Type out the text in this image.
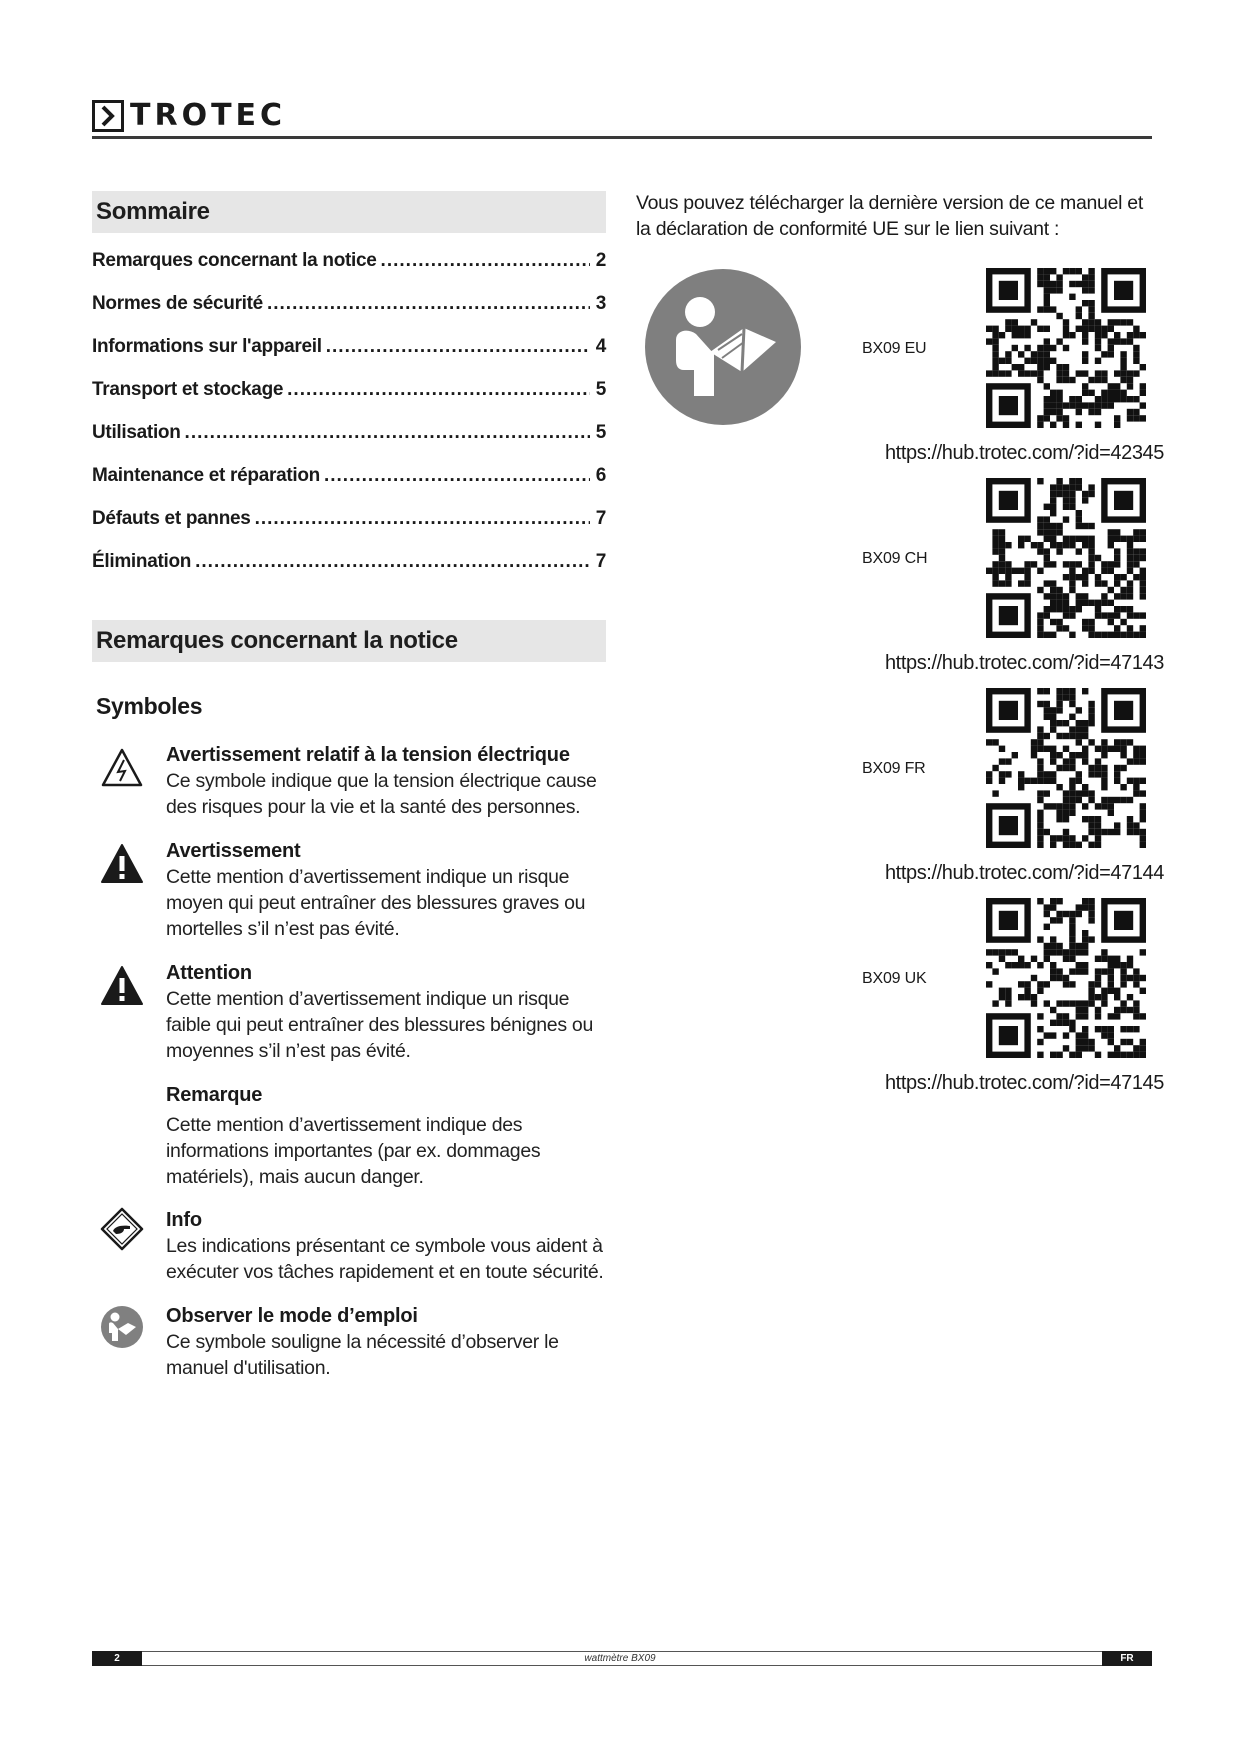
TROTEC
Sommaire
Remarques concernant la notice .....	2
Normes de sécurité .....	3
Informations sur l'appareil .....	4
Transport et stockage .....	5
Utilisation .....	5
Maintenance et réparation .....	6
Défauts et pannes .....	7
Élimination .....	7
Remarques concernant la notice
Symboles
Avertissement relatif à la tension électrique
Ce symbole indique que la tension électrique cause des risques pour la vie et la santé des personnes.
Avertissement
Cette mention d’avertissement indique un risque moyen qui peut entraîner des blessures graves ou mortelles s’il n’est pas évité.
Attention
Cette mention d’avertissement indique un risque faible qui peut entraîner des blessures bénignes ou moyennes s’il n’est pas évité.
Remarque
Cette mention d’avertissement indique des informations importantes (par ex. dommages matériels), mais aucun danger.
Info
Les indications présentant ce symbole vous aident à exécuter vos tâches rapidement et en toute sécurité.
Observer le mode d’emploi
Ce symbole souligne la nécessité d’observer le manuel d'utilisation.
Vous pouvez télécharger la dernière version de ce manuel et la déclaration de conformité UE sur le lien suivant :
BX09 EU
https://hub.trotec.com/?id=42345
BX09 CH
https://hub.trotec.com/?id=47143
BX09 FR
https://hub.trotec.com/?id=47144
BX09 UK
https://hub.trotec.com/?id=47145
2	wattmètre BX09	FR
